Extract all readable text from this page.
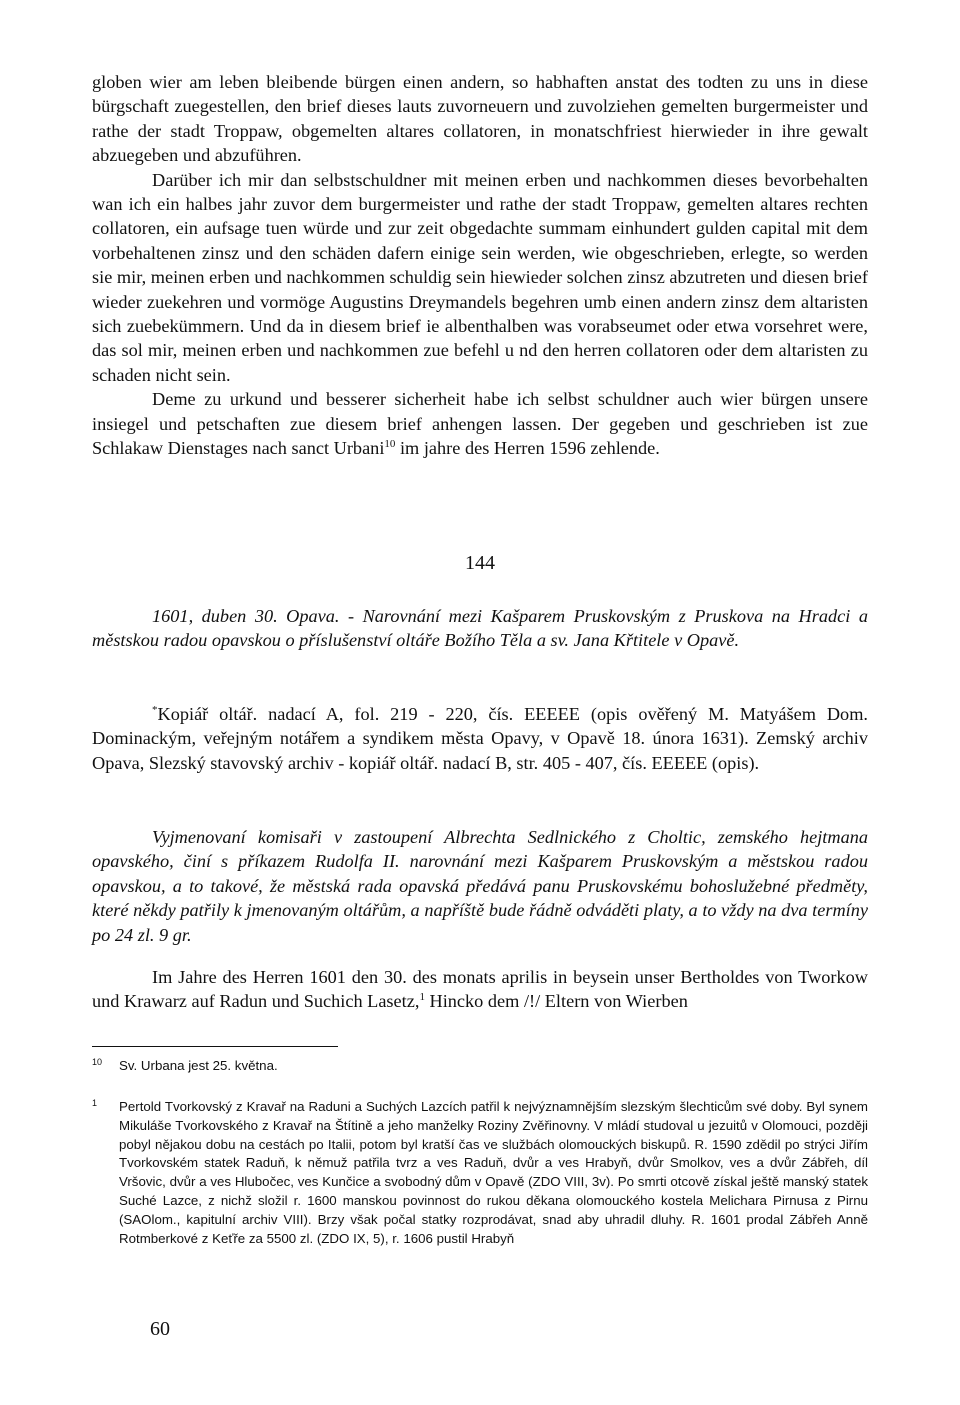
globen wier am leben bleibende bürgen einen andern, so habhaften anstat des todten zu uns in diese bürgschaft zuegestellen, den brief dieses lauts zuvorneuern und zuvolziehen gemelten burgermeister und rathe der stadt Troppaw, obgemelten altares collatoren, in monatschfriest hierwieder in ihre gewalt abzuegeben und abzuführen.

Darüber ich mir dan selbstschuldner mit meinen erben und nachkommen dieses bevorbehalten wan ich ein halbes jahr zuvor dem burgermeister und rathe der stadt Troppaw, gemelten altares rechten collatoren, ein aufsage tuen würde und zur zeit obgedachte summam einhundert gulden capital mit dem vorbehaltenen zinsz und den schäden dafern einige sein werden, wie obgeschrieben, erlegte, so werden sie mir, meinen erben und nachkommen schuldig sein hiewieder solchen zinsz abzutreten und diesen brief wieder zuekehren und vormöge Augustins Dreymandels begehren umb einen andern zinsz dem altaristen sich zuebekümmern. Und da in diesem brief ie albenthalben was vorabseumet oder etwa vorsehret were, das sol mir, meinen erben und nachkommen zue befehl u nd den herren collatoren oder dem altaristen zu schaden nicht sein.

Deme zu urkund und besserer sicherheit habe ich selbst schuldner auch wier bürgen unsere insiegel und petschaften zue diesem brief anhengen lassen. Der gegeben und geschrieben ist zue Schlakaw Dienstages nach sanct Urbani$^{10}$ im jahre des Herren 1596 zehlende.

144

1601, duben 30. Opava. - Narovnání mezi Kašparem Pruskovským z Pruskova na Hradci a městskou radou opavskou o příslušenství oltáře Božího Těla a sv. Jana Křtitele v Opavě.

*Kopiář oltář. nadací A, fol. 219 - 220, čís. EEEEE (opis ověřený M. Matyášem Dom. Dominackým, veřejným notářem a syndikem města Opavy, v Opavě 18. února 1631). Zemský archiv Opava, Slezský stavovský archiv - kopiář oltář. nadací B, str. 405 - 407, čís. EEEEE (opis).

Vyjmenovaní komisaři v zastoupení Albrechta Sedlnického z Choltic, zemského hejtmana opavského, činí s příkazem Rudolfa II. narovnání mezi Kašparem Pruskovským a městskou radou opavskou, a to takové, že městská rada opavská předává panu Pruskovskému bohoslužebné předměty, které někdy patřily k jmenovaným oltářům, a napříště bude řádně odváděti platy, a to vždy na dva termíny po 24 zl. 9 gr.

Im Jahre des Herren 1601 den 30. des monats aprilis in beysein unser Bertholdes von Tworkow und Krawarz auf Radun und Suchich Lasetz,$^1$ Hincko dem /!/ Eltern von Wierben

10 Sv. Urbana jest 25. května.
1 Pertold Tvorkovský z Kravař na Raduni a Suchých Lazcích patřil k nejvýznamnějším slezským šlechticům své doby. Byl synem Mikuláše Tvorkovského z Kravař na Štítině a jeho manželky Roziny Zvěřinovny. V mládí studoval u jezuitů v Olomouci, později pobyl nějakou dobu na cestách po Italii, potom byl kratší čas ve službách olomouckých biskupů. R. 1590 zdědil po strýci Jiřím Tvorkovském statek Raduň, k němuž patřila tvrz a ves Raduň, dvůr a ves Hrabyň, dvůr Smolkov, ves a dvůr Zábřeh, díl Vršovic, dvůr a ves Hlubočec, ves Kunčice a svobodný dům v Opavě (ZDO VIII, 3v). Po smrti otcově získal ještě manský statek Suché Lazce, z nichž složil r. 1600 manskou povinnost do rukou děkana olomouckého kostela Melichara Pirnusa z Pirnu (SAOlom., kapitulní archiv VIII). Brzy však počal statky rozprodávat, snad aby uhradil dluhy. R. 1601 prodal Zábřeh Anně Rotmberkové z Keťře za 5500 zl. (ZDO IX, 5), r. 1606 pustil Hrabyň
60
